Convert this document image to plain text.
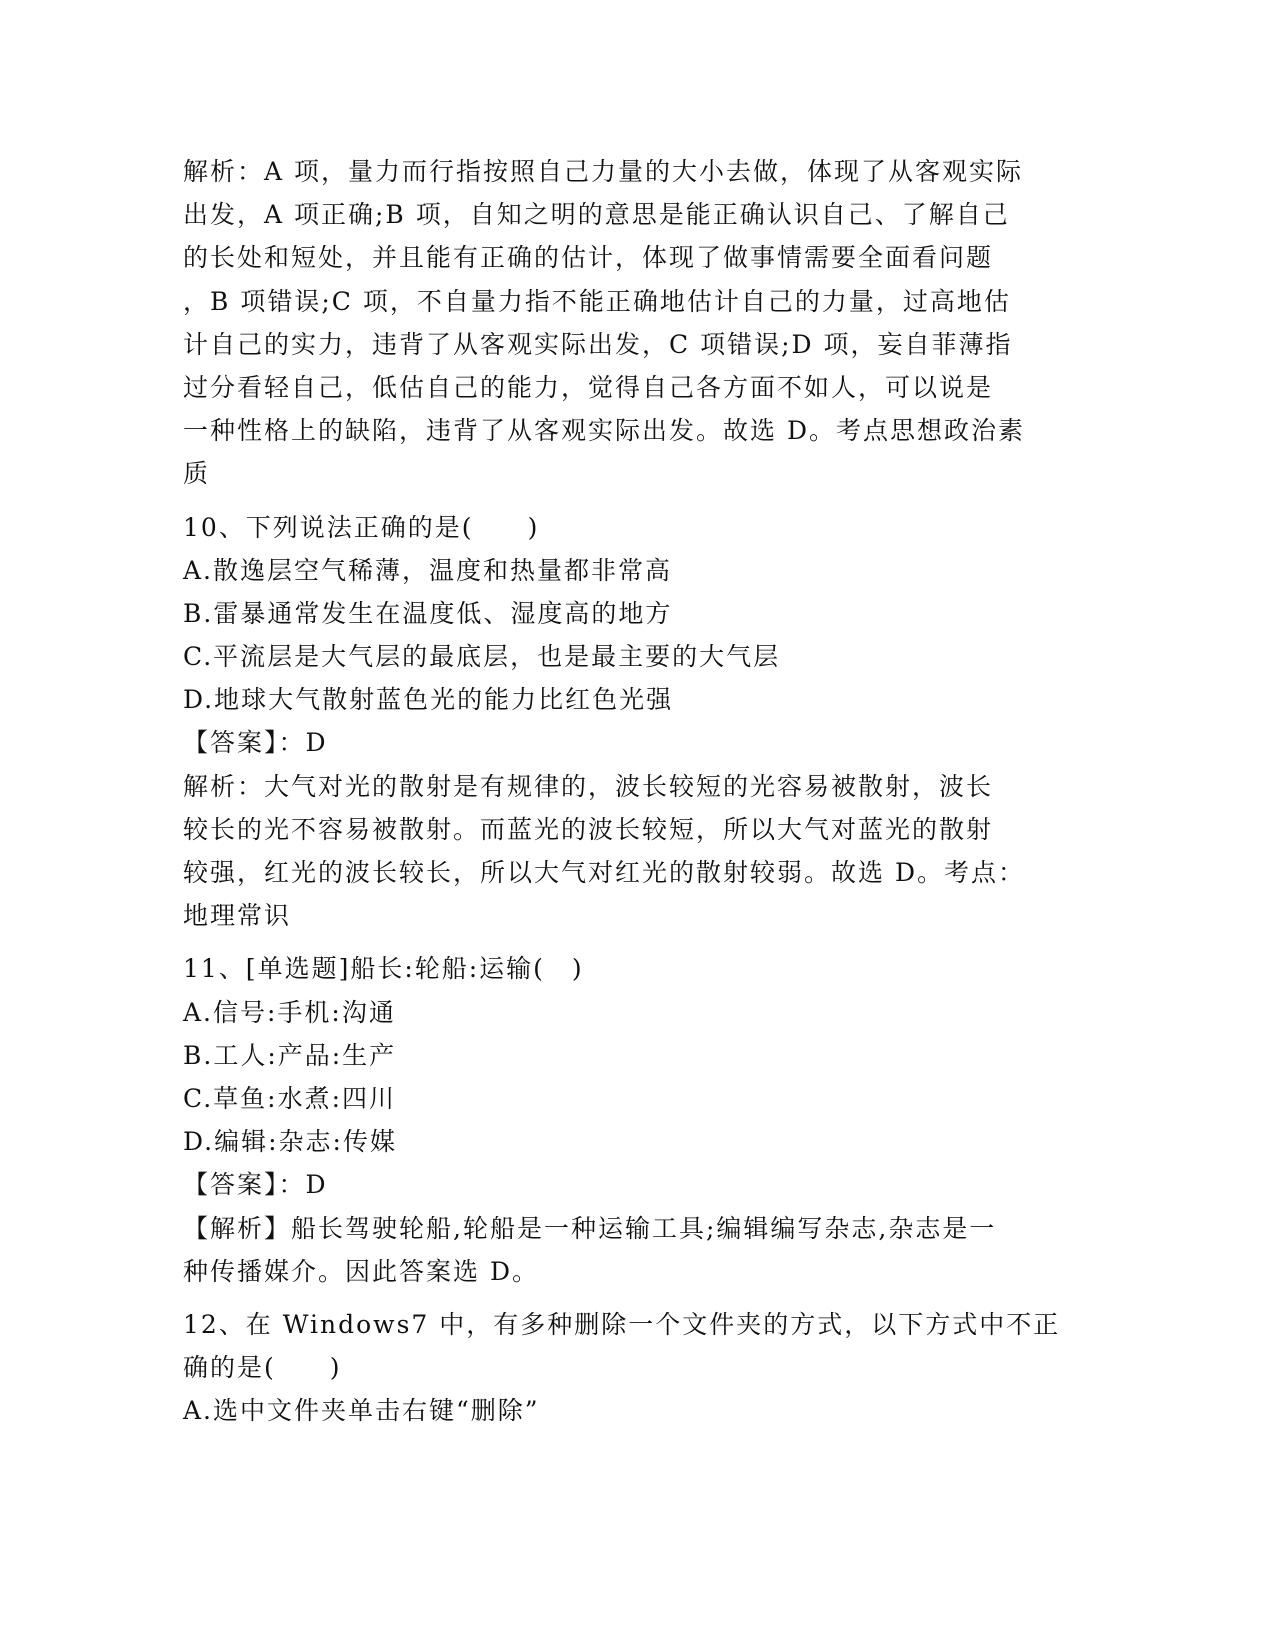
解析：A 项，量力而行指按照自己力量的大小去做，体现了从客观实际
出发，A 项正确;B 项，自知之明的意思是能正确认识自己、了解自己
的长处和短处，并且能有正确的估计，体现了做事情需要全面看问题
，B 项错误;C 项，不自量力指不能正确地估计自己的力量，过高地估
计自己的实力，违背了从客观实际出发，C 项错误;D 项，妄自菲薄指
过分看轻自己，低估自己的能力，觉得自己各方面不如人，可以说是
一种性格上的缺陷，违背了从客观实际出发。故选 D。考点思想政治素
质
10、下列说法正确的是(　　)
A.散逸层空气稀薄，温度和热量都非常高
B.雷暴通常发生在温度低、湿度高的地方
C.平流层是大气层的最底层，也是最主要的大气层
D.地球大气散射蓝色光的能力比红色光强
【答案】：D
解析：大气对光的散射是有规律的，波长较短的光容易被散射，波长
较长的光不容易被散射。而蓝光的波长较短，所以大气对蓝光的散射
较强，红光的波长较长，所以大气对红光的散射较弱。故选 D。考点：
地理常识
11、[单选题]船长:轮船:运输(　)
A.信号:手机:沟通
B.工人:产品:生产
C.草鱼:水煮:四川
D.编辑:杂志:传媒
【答案】：D
【解析】船长驾驶轮船,轮船是一种运输工具;编辑编写杂志,杂志是一
种传播媒介。因此答案选 D。
12、在 Windows7 中，有多种删除一个文件夹的方式，以下方式中不正
确的是(　　)
A.选中文件夹单击右键“删除”
